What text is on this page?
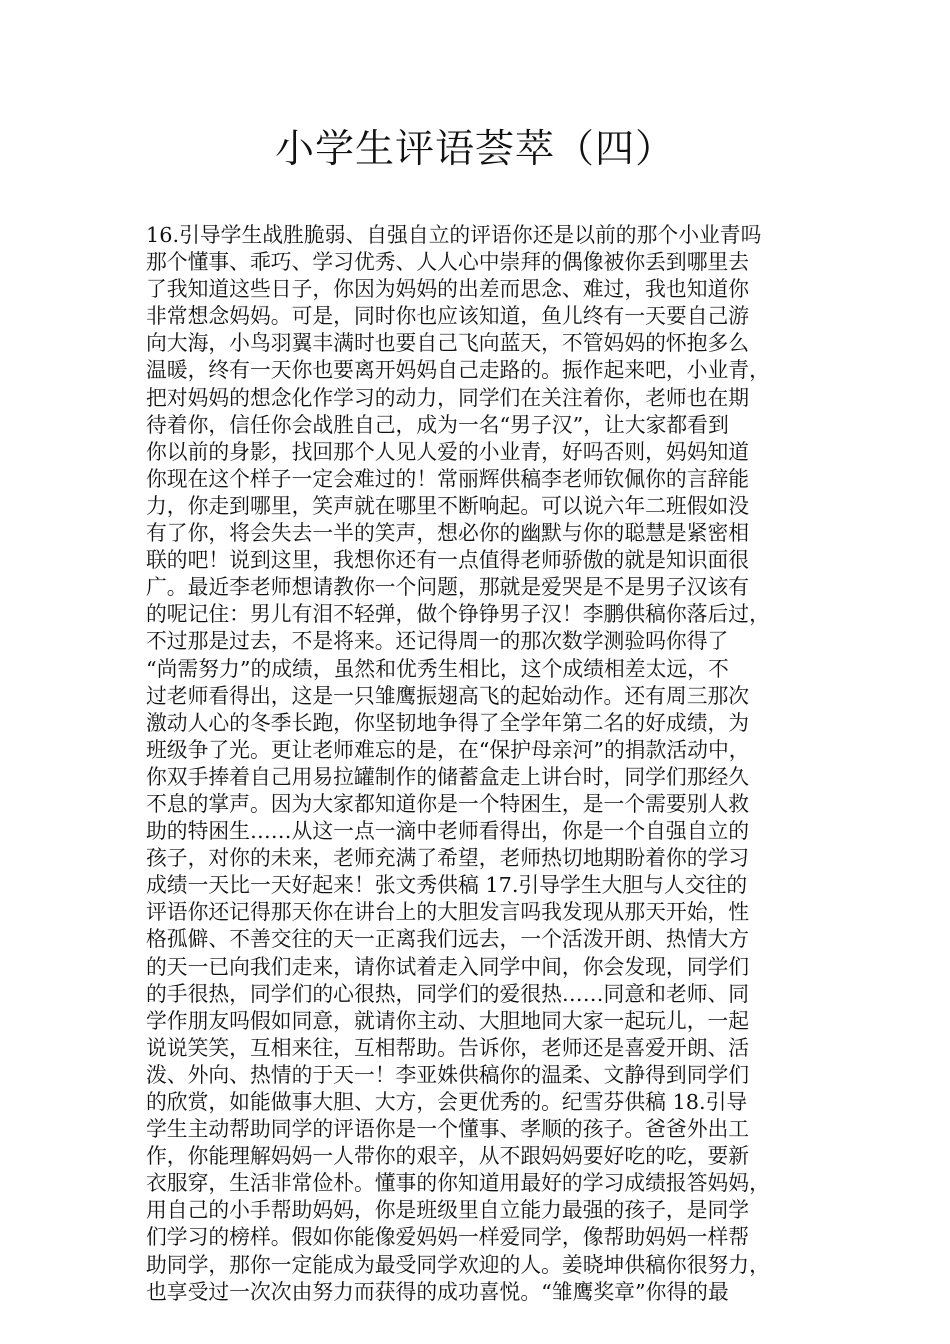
小学生评语荟萃（四）
16.引导学生战胜脆弱、自强自立的评语你还是以前的那个小业青吗
那个懂事、乖巧、学习优秀、人人心中崇拜的偶像被你丢到哪里去
了我知道这些日子，你因为妈妈的出差而思念、难过，我也知道你
非常想念妈妈。可是，同时你也应该知道，鱼儿终有一天要自己游
向大海，小鸟羽翼丰满时也要自己飞向蓝天，不管妈妈的怀抱多么
温暖，终有一天你也要离开妈妈自己走路的。振作起来吧，小业青，
把对妈妈的想念化作学习的动力，同学们在关注着你，老师也在期
待着你，信任你会战胜自己，成为一名“男子汉”，让大家都看到
你以前的身影，找回那个人见人爱的小业青，好吗否则，妈妈知道
你现在这个样子一定会难过的！常丽辉供稿李老师钦佩你的言辞能
力，你走到哪里，笑声就在哪里不断响起。可以说六年二班假如没
有了你，将会失去一半的笑声，想必你的幽默与你的聪慧是紧密相
联的吧！说到这里，我想你还有一点值得老师骄傲的就是知识面很
广。最近李老师想请教你一个问题，那就是爱哭是不是男子汉该有
的呢记住：男儿有泪不轻弹，做个铮铮男子汉！李鹏供稿你落后过，
不过那是过去，不是将来。还记得周一的那次数学测验吗你得了
“尚需努力”的成绩，虽然和优秀生相比，这个成绩相差太远，不
过老师看得出，这是一只雏鹰振翅高飞的起始动作。还有周三那次
激动人心的冬季长跑，你坚韧地争得了全学年第二名的好成绩，为
班级争了光。更让老师难忘的是，在“保护母亲河”的捐款活动中，
你双手捧着自己用易拉罐制作的储蓄盒走上讲台时，同学们那经久
不息的掌声。因为大家都知道你是一个特困生，是一个需要别人救
助的特困生……从这一点一滴中老师看得出，你是一个自强自立的
孩子，对你的未来，老师充满了希望，老师热切地期盼着你的学习
成绩一天比一天好起来！张文秀供稿 17.引导学生大胆与人交往的
评语你还记得那天你在讲台上的大胆发言吗我发现从那天开始，性
格孤僻、不善交往的天一正离我们远去，一个活泼开朗、热情大方
的天一已向我们走来，请你试着走入同学中间，你会发现，同学们
的手很热，同学们的心很热，同学们的爱很热……同意和老师、同
学作朋友吗假如同意，就请你主动、大胆地同大家一起玩儿，一起
说说笑笑，互相来往，互相帮助。告诉你，老师还是喜爱开朗、活
泼、外向、热情的于天一！李亚姝供稿你的温柔、文静得到同学们
的欣赏，如能做事大胆、大方，会更优秀的。纪雪芬供稿 18.引导
学生主动帮助同学的评语你是一个懂事、孝顺的孩子。爸爸外出工
作，你能理解妈妈一人带你的艰辛，从不跟妈妈要好吃的吃，要新
衣服穿，生活非常俭朴。懂事的你知道用最好的学习成绩报答妈妈，
用自己的小手帮助妈妈，你是班级里自立能力最强的孩子，是同学
们学习的榜样。假如你能像爱妈妈一样爱同学，像帮助妈妈一样帮
助同学，那你一定能成为最受同学欢迎的人。姜晓坤供稿你很努力，
也享受过一次次由努力而获得的成功喜悦。“雏鹰奖章”你得的最
